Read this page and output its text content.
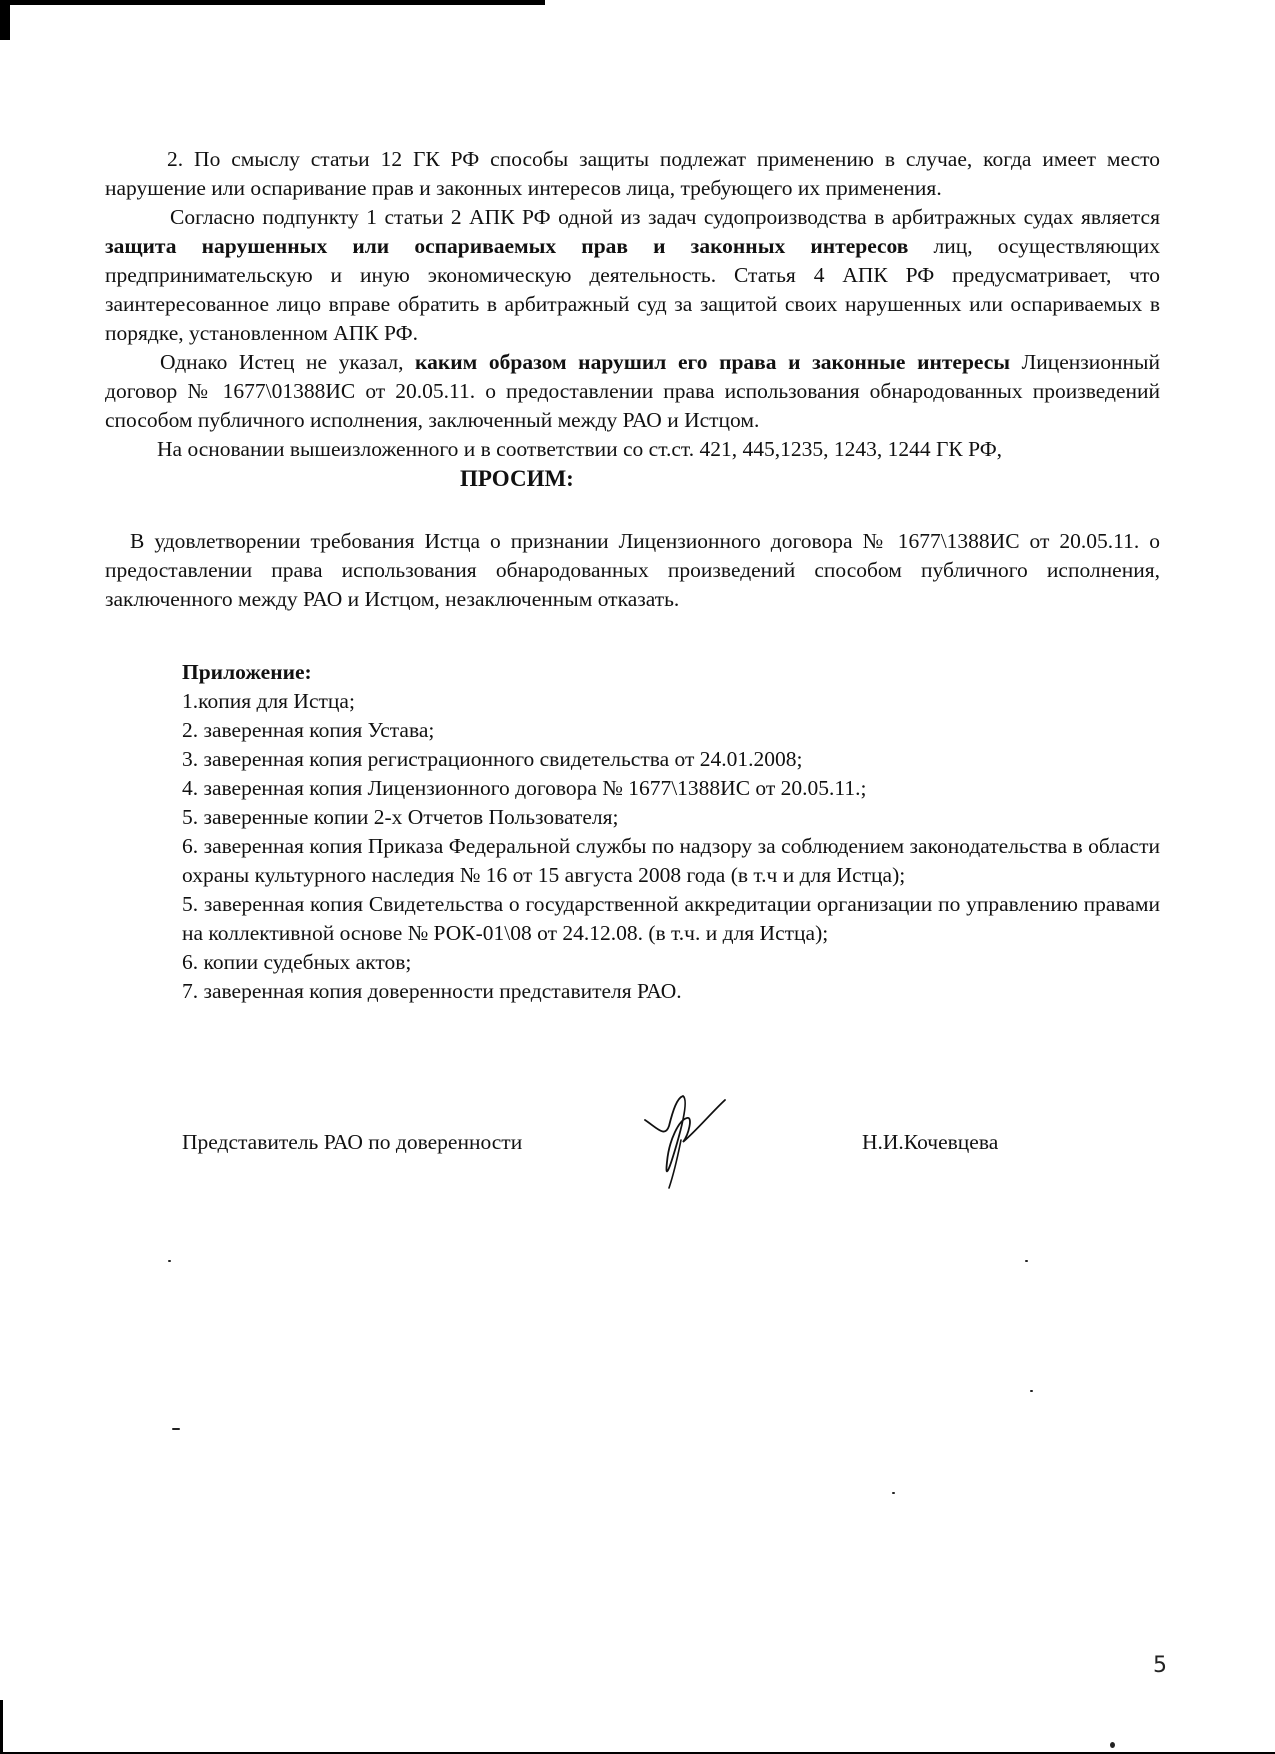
2. По смыслу статьи 12 ГК РФ способы защиты подлежат применению в случае, когда имеет место нарушение или оспаривание прав и законных интересов лица, требующего их применения.

Согласно подпункту 1 статьи 2 АПК РФ одной из задач судопроизводства в арбитражных судах является защита нарушенных или оспариваемых прав и законных интересов лиц, осуществляющих предпринимательскую и иную экономическую деятельность. Статья 4 АПК РФ предусматривает, что заинтересованное лицо вправе обратить в арбитражный суд за защитой своих нарушенных или оспариваемых в порядке, установленном АПК РФ.

Однако Истец не указал, каким образом нарушил его права и законные интересы Лицензионный договор № 1677\01388ИС от 20.05.11. о предоставлении права использования обнародованных произведений способом публичного исполнения, заключенный между РАО и Истцом.

На основании вышеизложенного и в соответствии со ст.ст. 421, 445,1235, 1243, 1244 ГК РФ,

ПРОСИМ:

В удовлетворении требования Истца о признании Лицензионного договора № 1677\1388ИС от 20.05.11. о предоставлении права использования обнародованных произведений способом публичного исполнения, заключенного между РАО и Истцом, незаключенным отказать.

Приложение:

1.копия для Истца;

2. заверенная копия Устава;

3. заверенная копия регистрационного свидетельства от 24.01.2008;

4. заверенная копия Лицензионного договора № 1677\1388ИС от 20.05.11.;

5. заверенные копии 2-х Отчетов Пользователя;

6. заверенная копия Приказа Федеральной службы по надзору за соблюдением законодательства в области охраны культурного наследия № 16 от 15 августа 2008 года (в т.ч и для Истца);

5. заверенная копия Свидетельства о государственной аккредитации организации по управлению правами на коллективной основе № РОК-01\08 от 24.12.08. (в т.ч. и для Истца);

6. копии судебных актов;

7. заверенная копия доверенности представителя РАО.

Представитель РАО по доверенности	Н.И.Кочевцева
5
